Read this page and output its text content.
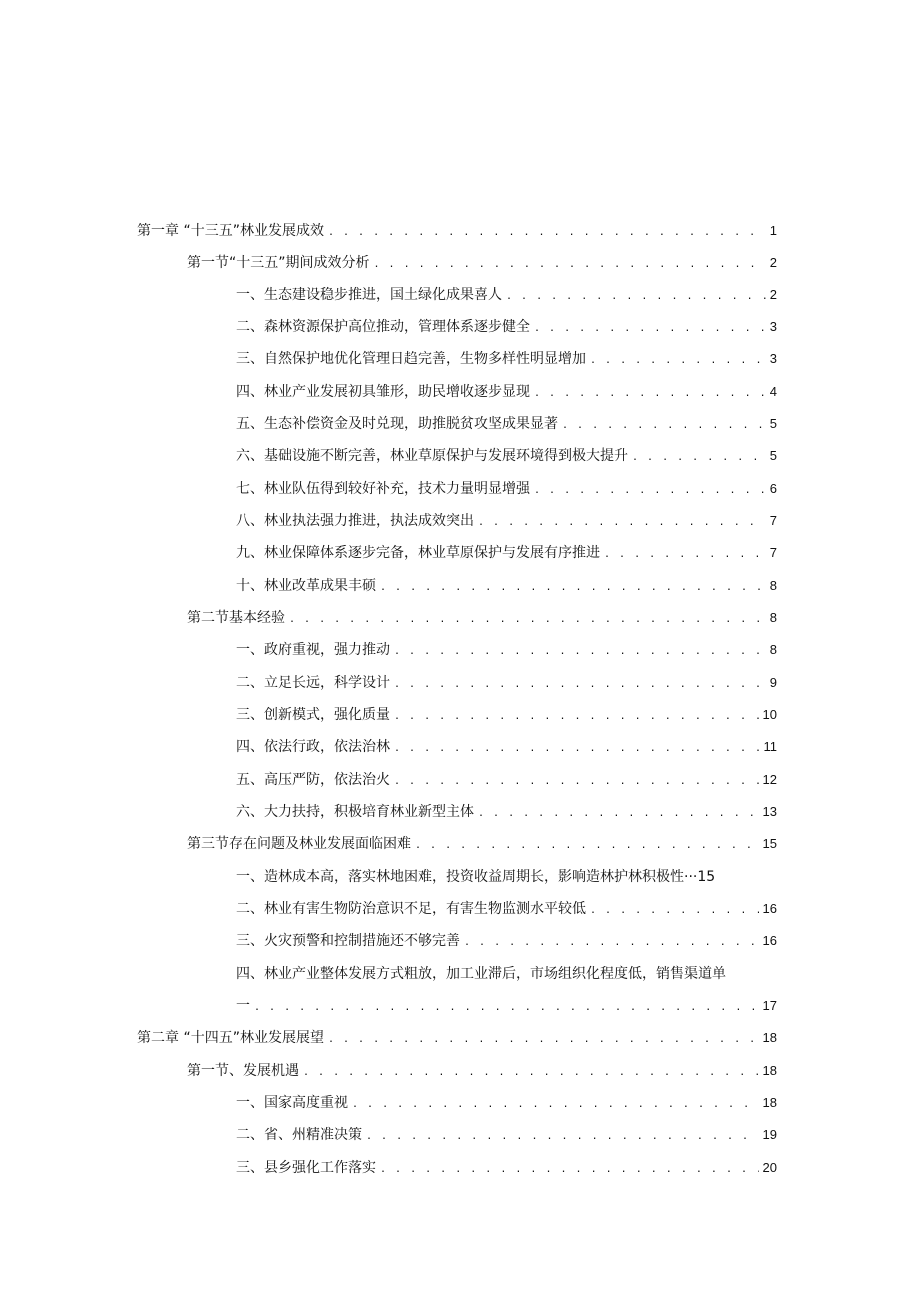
第一章 “十三五”林业发展成效 . . .	1
第一节“十三五”期间成效分析 . . .	2
一、生态建设稳步推进，国土绿化成果喜人 . . .	2
二、森林资源保护高位推动，管理体系逐步健全 . . .	3
三、自然保护地优化管理日趋完善，生物多样性明显增加 . . .	3
四、林业产业发展初具雏形，助民增收逐步显现 . . .	4
五、生态补偿资金及时兑现，助推脱贫攻坚成果显著 . . .	5
六、基础设施不断完善，林业草原保护与发展环境得到极大提升 . . .	5
七、林业队伍得到较好补充，技术力量明显增强 . . .	6
八、林业执法强力推进，执法成效突出 . . .	7
九、林业保障体系逐步完备，林业草原保护与发展有序推进 . . .	7
十、林业改革成果丰硕 . . .	8
第二节基本经验 . . .	8
一、政府重视，强力推动 . . .	8
二、立足长远，科学设计 . . .	9
三、创新模式，强化质量 . . .	10
四、依法行政，依法治林 . . .	11
五、高压严防，依法治火 . . .	12
六、大力扶持，积极培育林业新型主体 . . .	13
第三节存在问题及林业发展面临困难 . . .	15
一、造林成本高，落实林地困难，投资收益周期长，影响造林护林积极性···15
二、林业有害生物防治意识不足，有害生物监测水平较低 . . .	16
三、火灾预警和控制措施还不够完善 . . .	16
四、林业产业整体发展方式粗放，加工业滞后，市场组织化程度低，销售渠道单
一 . . .	17
第二章 “十四五”林业发展展望 . . .	18
第一节、发展机遇 . . .	18
一、国家高度重视 . . .	18
二、省、州精准决策 . . .	19
三、县乡强化工作落实 . . .	20
